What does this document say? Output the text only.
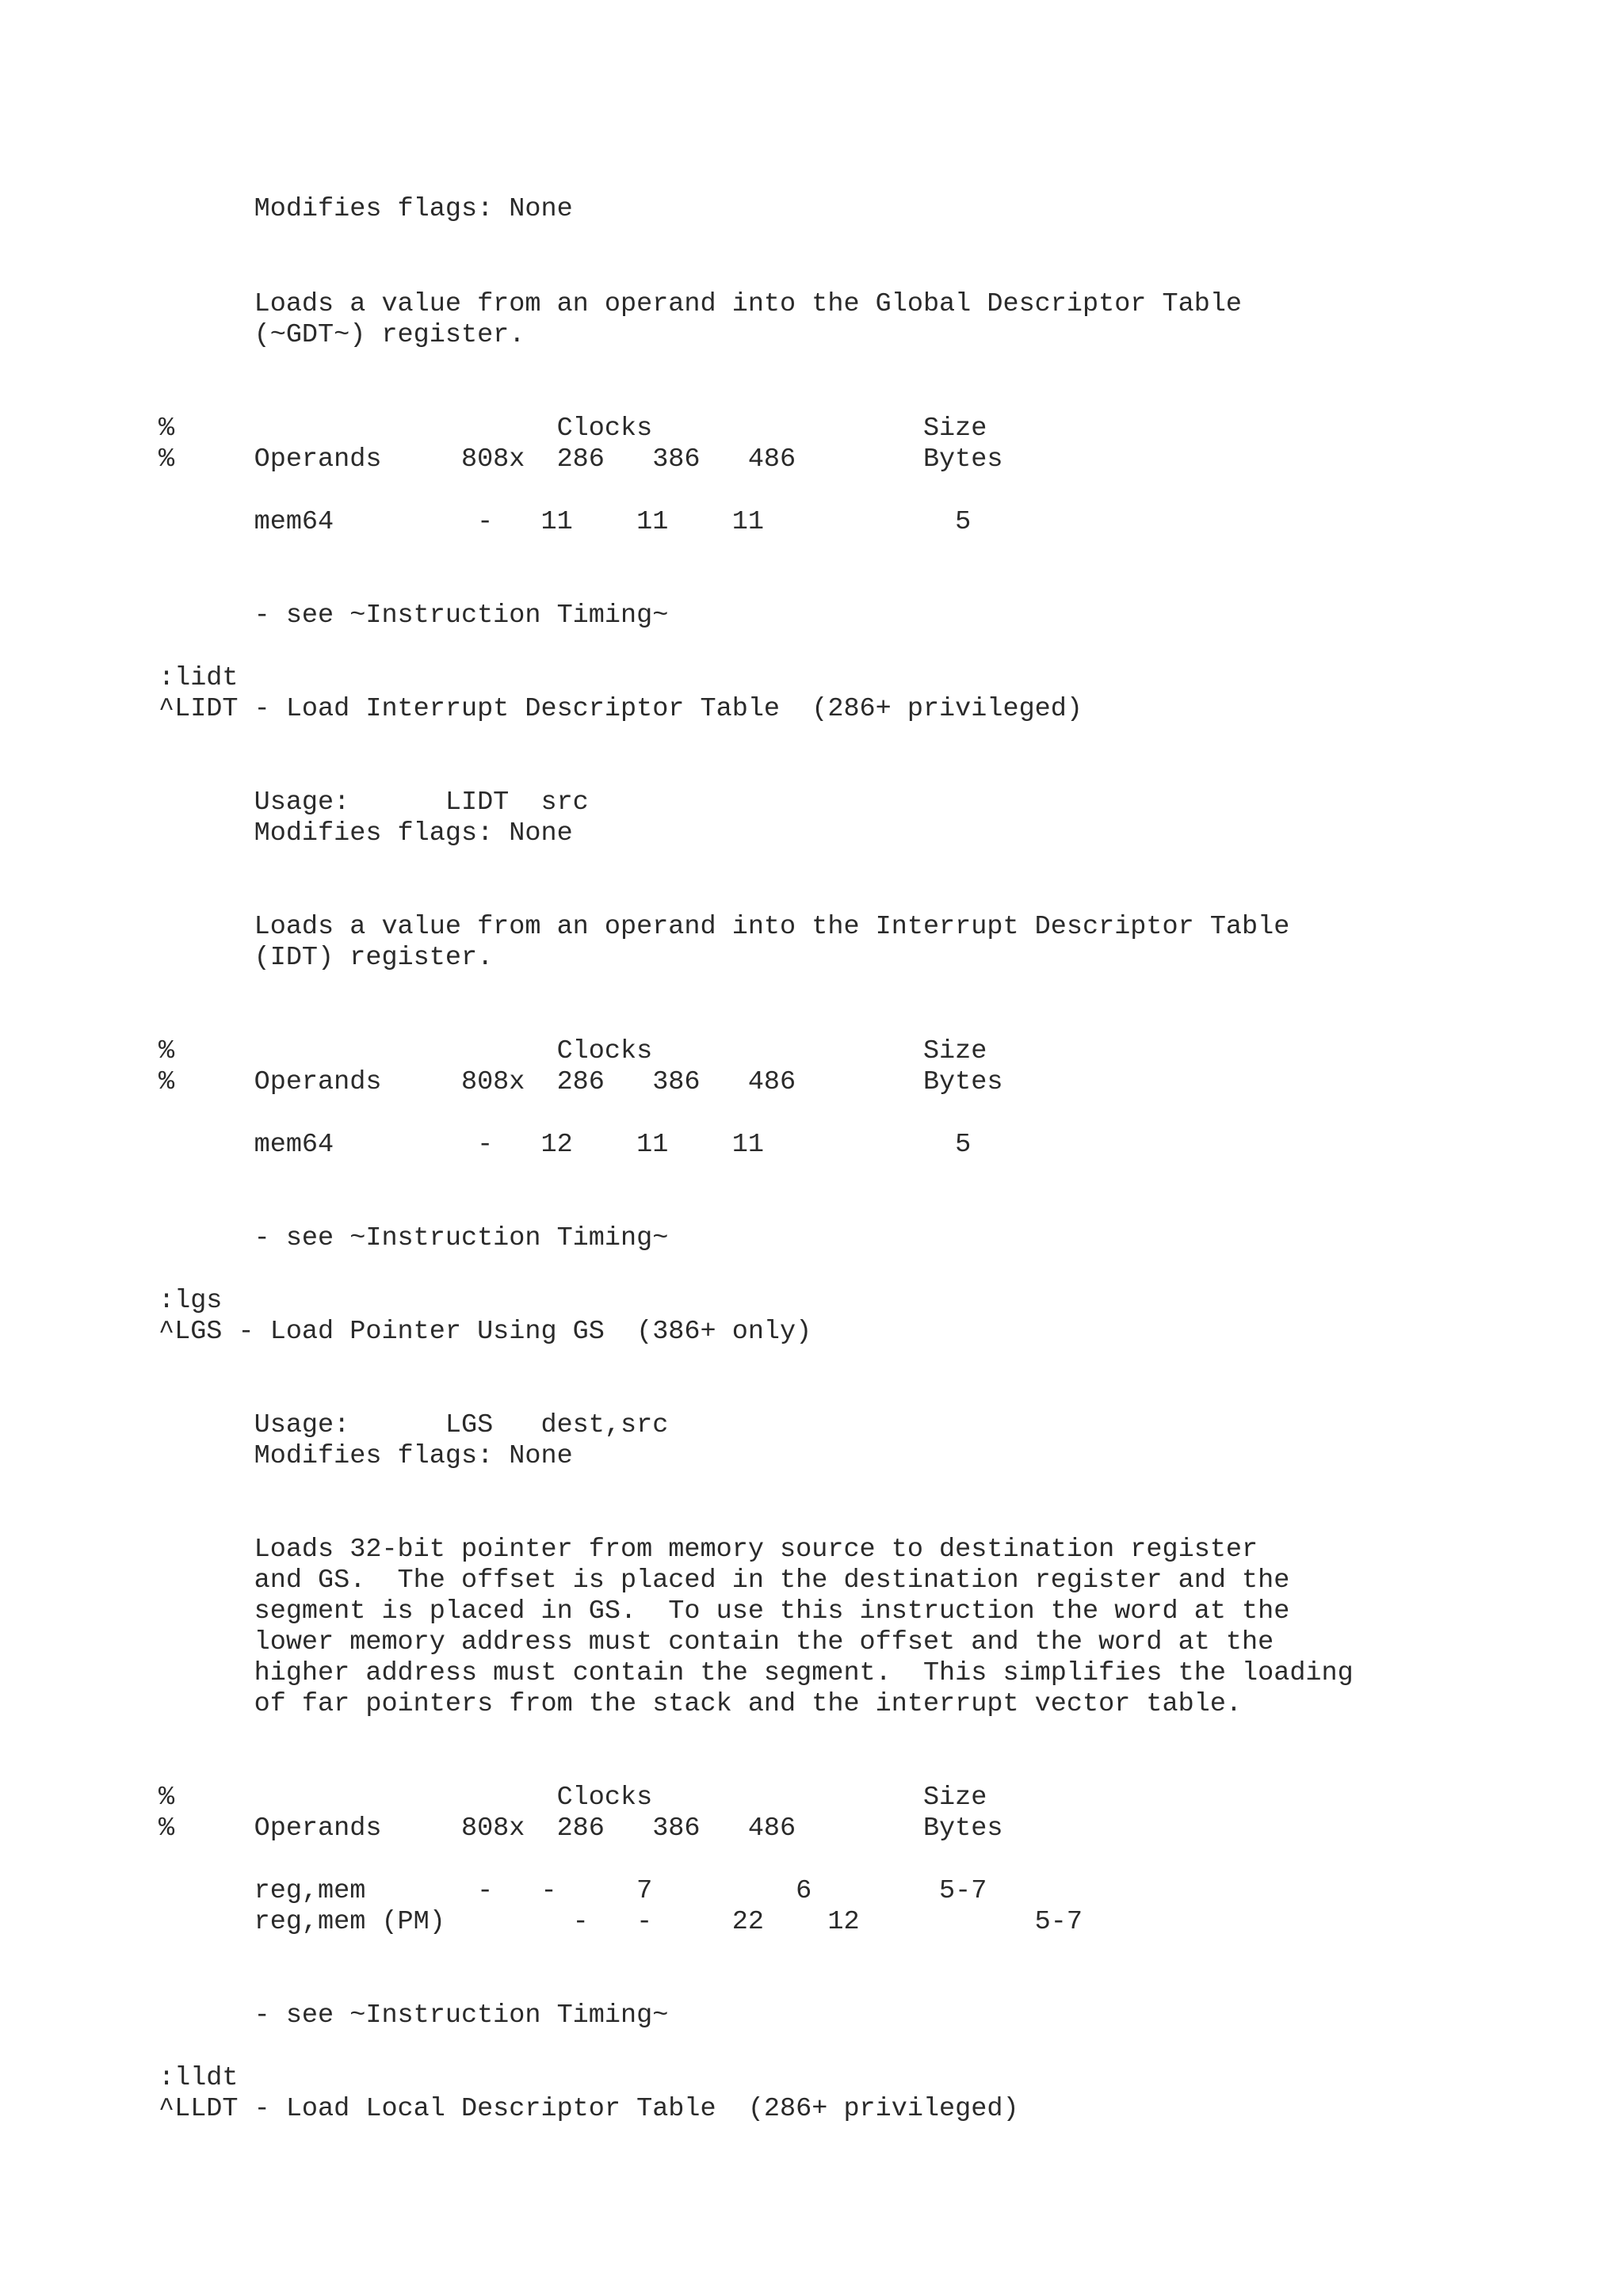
Modifies flags: None
Loads a value from an operand into the Global Descriptor Table
(~GDT~) register.
%                        Clocks                 Size
%     Operands     808x  286   386   486        Bytes
mem64         -   11    11    11            5
- see ~Instruction Timing~
:lidt
^LIDT - Load Interrupt Descriptor Table  (286+ privileged)
Usage:      LIDT  src
Modifies flags: None
Loads a value from an operand into the Interrupt Descriptor Table
(IDT) register.
%                        Clocks                 Size
%     Operands     808x  286   386   486        Bytes
mem64         -   12    11    11            5
- see ~Instruction Timing~
:lgs
^LGS - Load Pointer Using GS  (386+ only)
Usage:      LGS   dest,src
Modifies flags: None
Loads 32-bit pointer from memory source to destination register
and GS.  The offset is placed in the destination register and the
segment is placed in GS.  To use this instruction the word at the
lower memory address must contain the offset and the word at the
higher address must contain the segment.  This simplifies the loading
of far pointers from the stack and the interrupt vector table.
%                        Clocks                 Size
%     Operands     808x  286   386   486        Bytes
reg,mem       -   -     7         6        5-7
reg,mem (PM)        -   -     22    12           5-7
- see ~Instruction Timing~
:lldt
^LLDT - Load Local Descriptor Table  (286+ privileged)
